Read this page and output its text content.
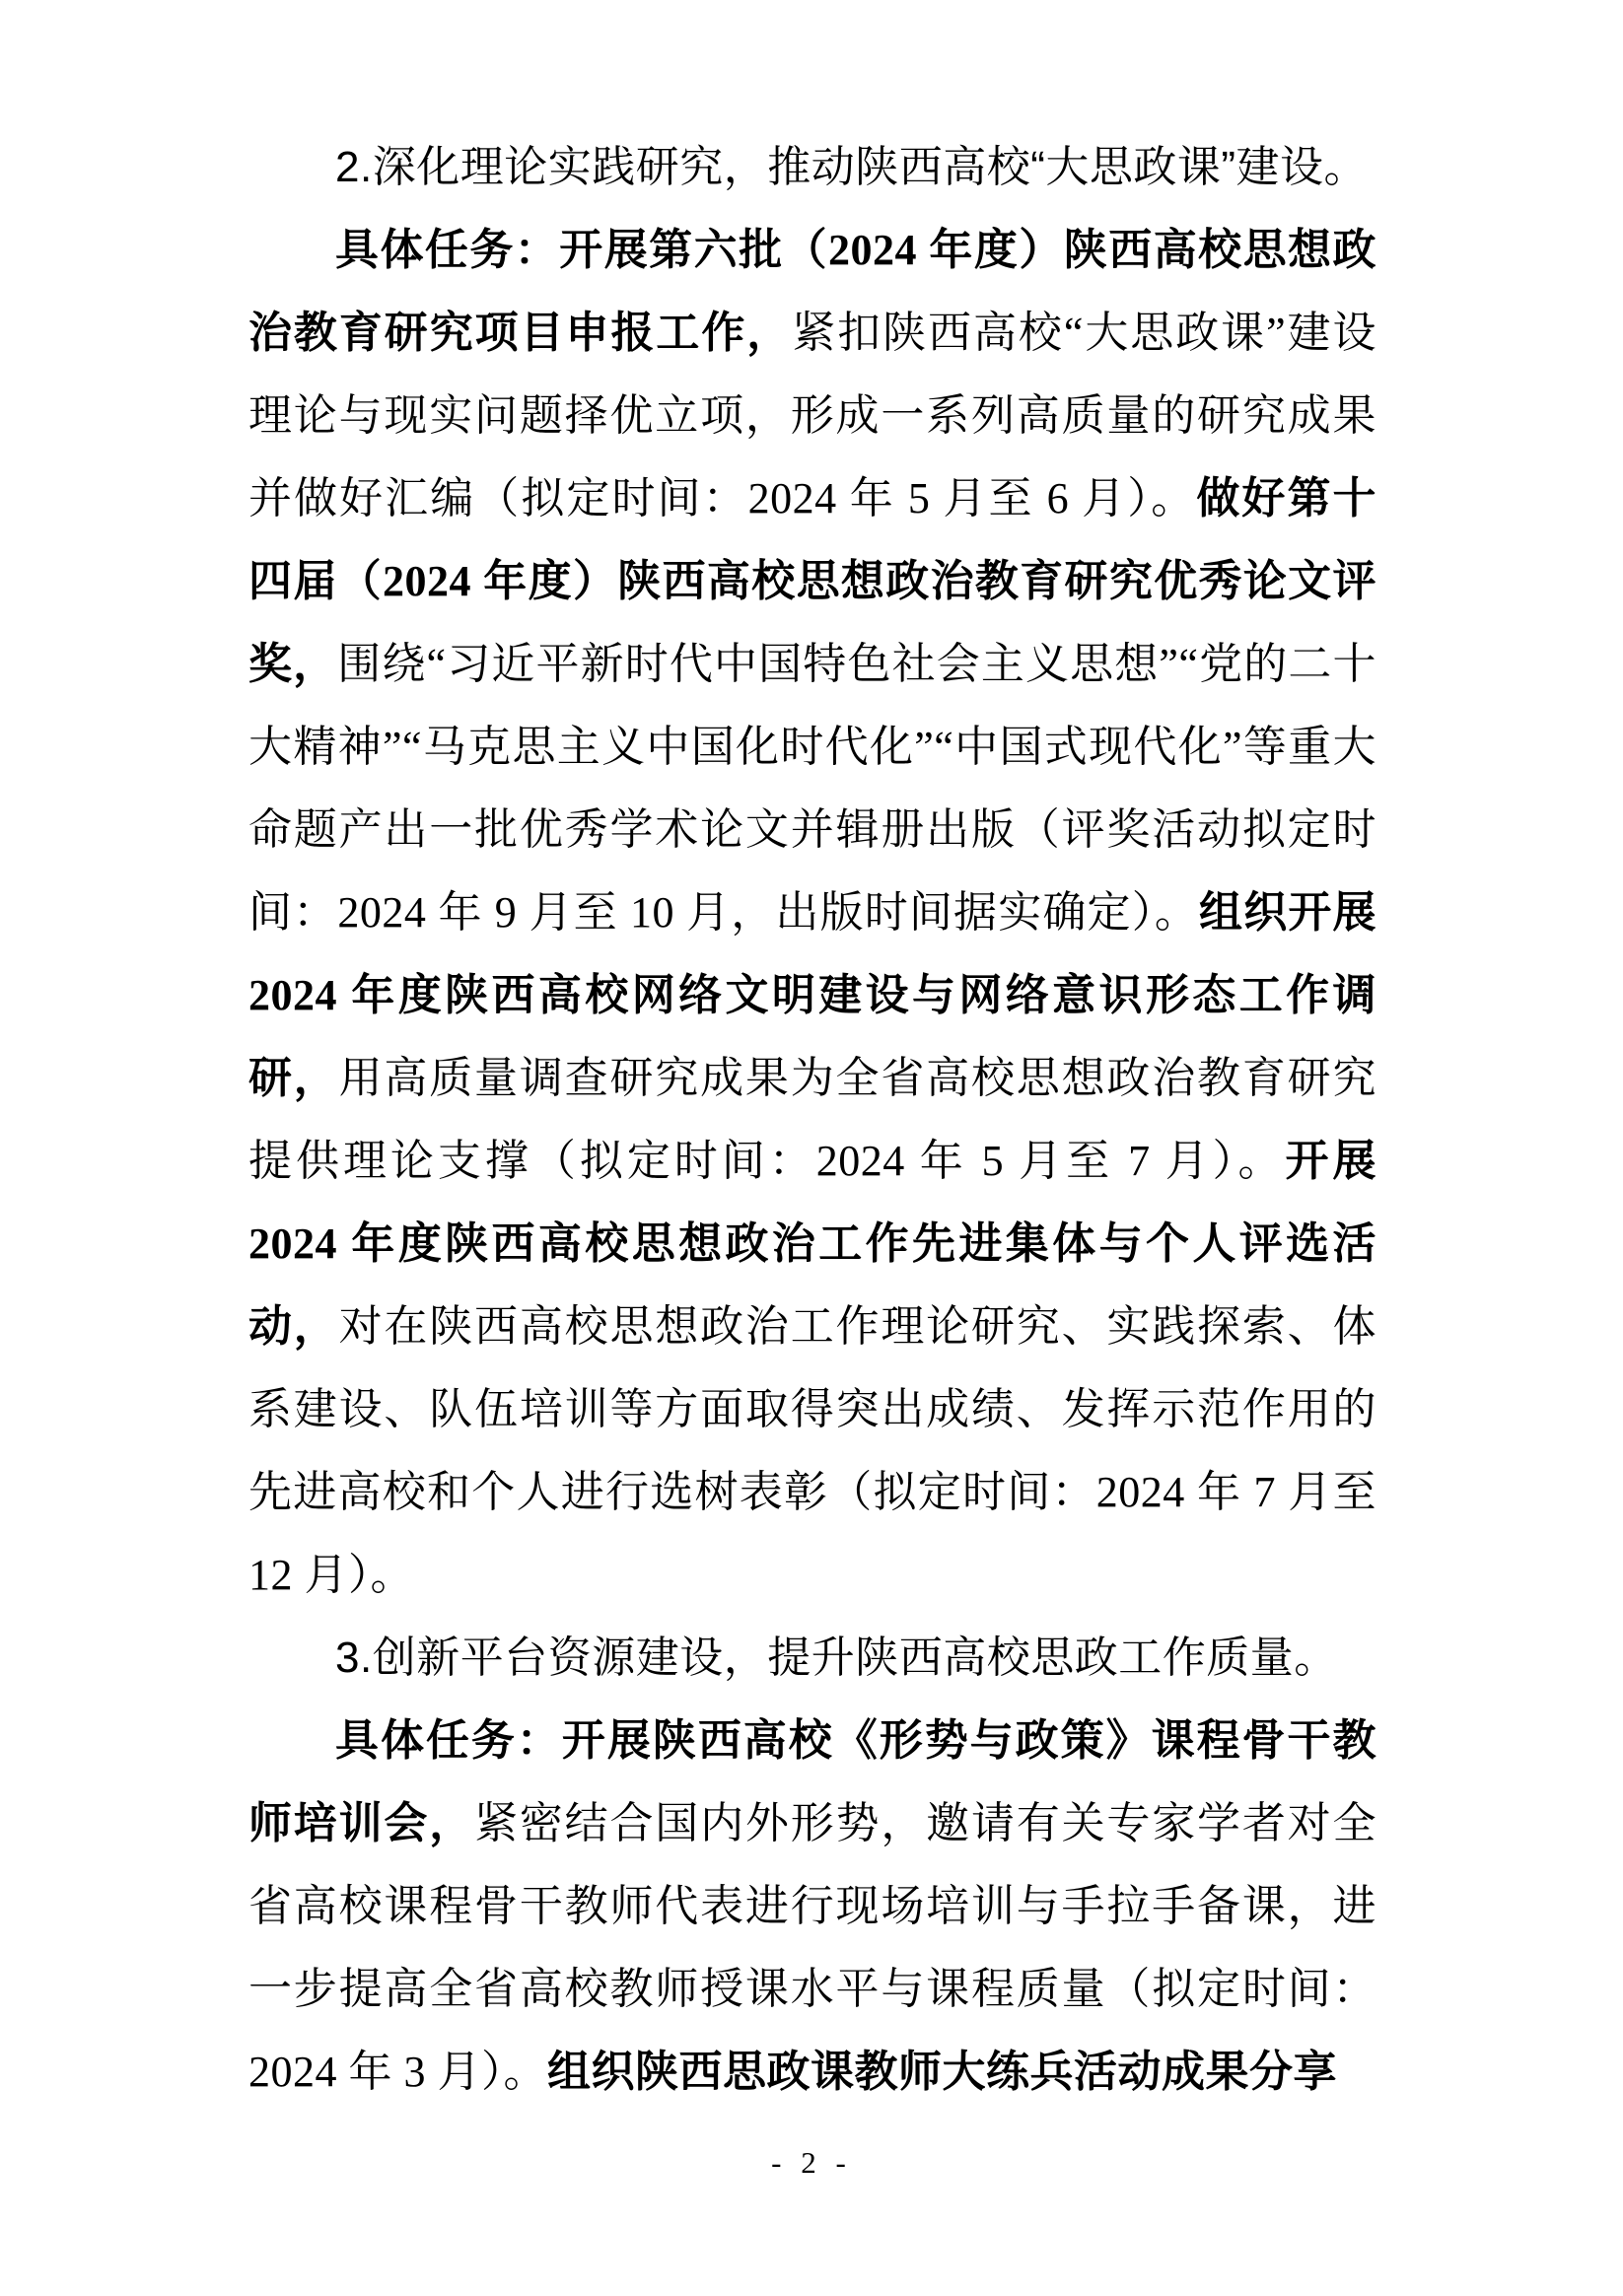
2.深化理论实践研究，推动陕西高校“大思政课”建设。

具体任务：开展第六批（2024 年度）陕西高校思想政治教育研究项目申报工作，紧扣陕西高校“大思政课”建设理论与现实问题择优立项，形成一系列高质量的研究成果并做好汇编（拟定时间：2024 年 5 月至 6 月）。做好第十四届（2024 年度）陕西高校思想政治教育研究优秀论文评奖，围绕“习近平新时代中国特色社会主义思想”“党的二十大精神”“马克思主义中国化时代化”“中国式现代化”等重大命题产出一批优秀学术论文并辑册出版（评奖活动拟定时间：2024 年 9 月至 10 月，出版时间据实确定）。组织开展 2024 年度陕西高校网络文明建设与网络意识形态工作调研，用高质量调查研究成果为全省高校思想政治教育研究提供理论支撑（拟定时间：2024 年 5 月至 7 月）。开展 2024 年度陕西高校思想政治工作先进集体与个人评选活动，对在陕西高校思想政治工作理论研究、实践探索、体系建设、队伍培训等方面取得突出成绩、发挥示范作用的先进高校和个人进行选树表彰（拟定时间：2024 年 7 月至 12 月）。

3.创新平台资源建设，提升陕西高校思政工作质量。

具体任务：开展陕西高校《形势与政策》课程骨干教师培训会，紧密结合国内外形势，邀请有关专家学者对全省高校课程骨干教师代表进行现场培训与手拉手备课，进一步提高全省高校教师授课水平与课程质量（拟定时间：2024 年 3 月）。组织陕西思政课教师大练兵活动成果分享

- 2 -
